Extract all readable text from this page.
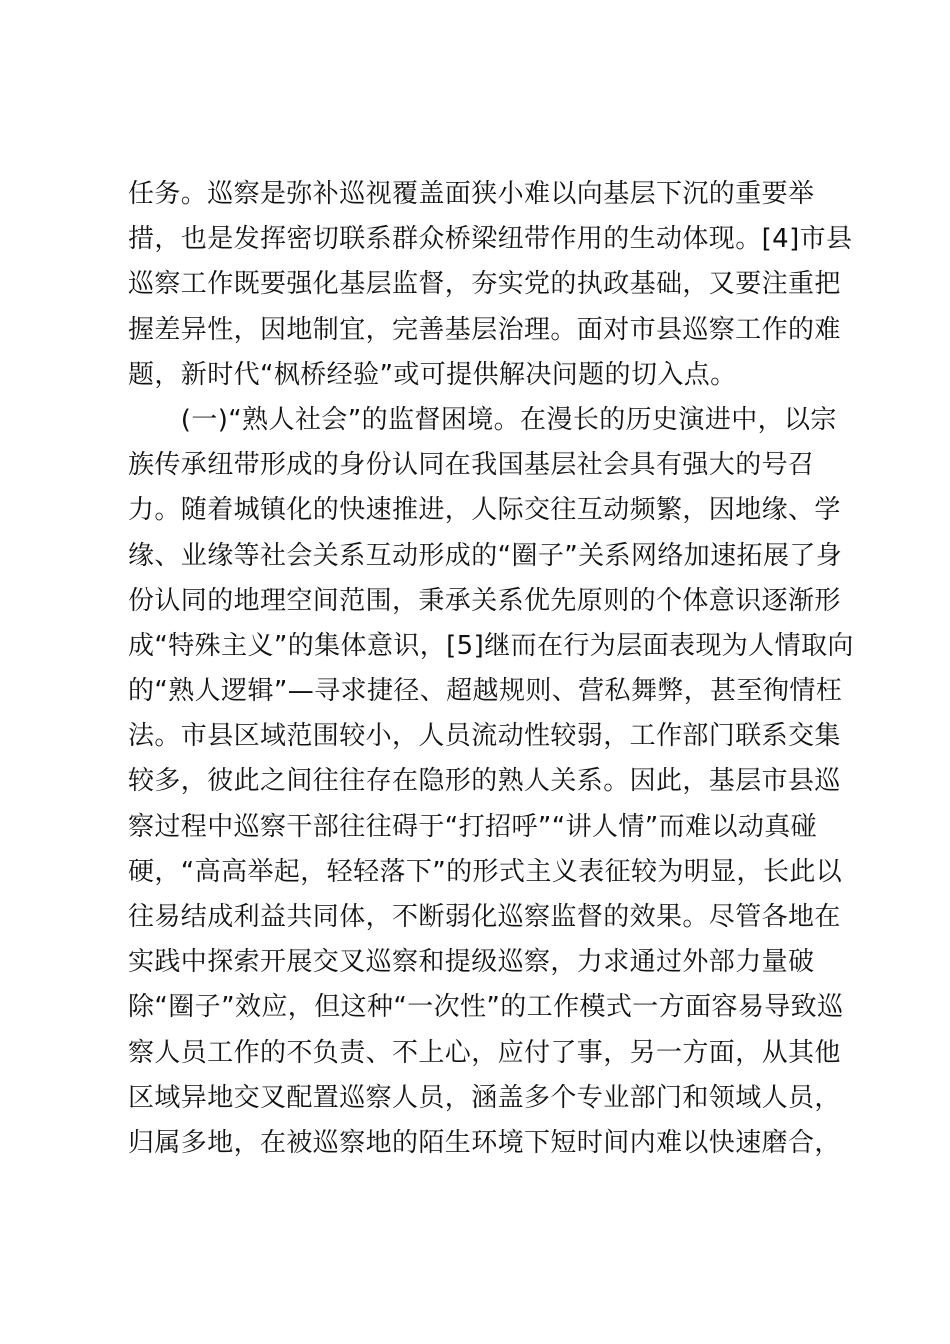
任务。巡察是弥补巡视覆盖面狭小难以向基层下沉的重要举
措，也是发挥密切联系群众桥梁纽带作用的生动体现。[4]市县
巡察工作既要强化基层监督，夯实党的执政基础，又要注重把
握差异性，因地制宜，完善基层治理。面对市县巡察工作的难
题，新时代“枫桥经验”或可提供解决问题的切入点。
　　(一)“熟人社会”的监督困境。在漫长的历史演进中，以宗
族传承纽带形成的身份认同在我国基层社会具有强大的号召
力。随着城镇化的快速推进，人际交往互动频繁，因地缘、学
缘、业缘等社会关系互动形成的“圈子”关系网络加速拓展了身
份认同的地理空间范围，秉承关系优先原则的个体意识逐渐形
成“特殊主义”的集体意识，[5]继而在行为层面表现为人情取向
的“熟人逻辑”—寻求捷径、超越规则、营私舞弊，甚至徇情枉
法。市县区域范围较小，人员流动性较弱，工作部门联系交集
较多，彼此之间往往存在隐形的熟人关系。因此，基层市县巡
察过程中巡察干部往往碍于“打招呼”“讲人情”而难以动真碰
硬，“高高举起，轻轻落下”的形式主义表征较为明显，长此以
往易结成利益共同体，不断弱化巡察监督的效果。尽管各地在
实践中探索开展交叉巡察和提级巡察，力求通过外部力量破
除“圈子”效应，但这种“一次性”的工作模式一方面容易导致巡
察人员工作的不负责、不上心，应付了事，另一方面，从其他
区域异地交叉配置巡察人员，涵盖多个专业部门和领域人员，
归属多地，在被巡察地的陌生环境下短时间内难以快速磨合，
